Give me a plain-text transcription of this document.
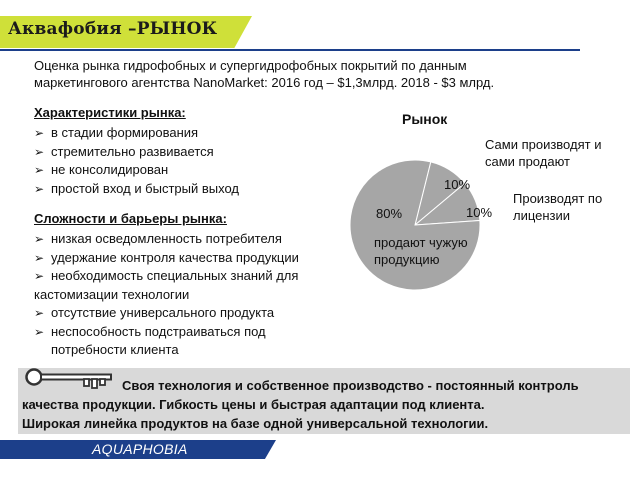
Аквафобия –РЫНОК
Оценка рынка гидрофобных и супергидрофобных покрытий по данным
маркетингового агентства NanoMarket: 2016 год – $1,3млрд. 2018 - $3 млрд.
Характеристики рынка:
➢ в стадии формирования
➢ стремительно развивается
➢ не консолидирован
➢ простой вход и быстрый выход
Сложности и барьеры рынка:
➢ низкая осведомленность потребителя
➢ удержание контроля качества продукции
➢ необходимость специальных знаний для
кастомизации технологии
➢ отсутствие универсального продукта
➢ неспособность подстраиваться под
потребности клиента
Рынок
Сами производят и
сами продают
Производят по
лицензии
продают чужую
продукцию
10%
10%
80%
Своя технология и собственное производство - постоянный контроль
качества продукции. Гибкость цены и быстрая адаптации под клиента.
Широкая линейка продуктов на базе одной универсальной технологии.
AQUAPHOBIA
